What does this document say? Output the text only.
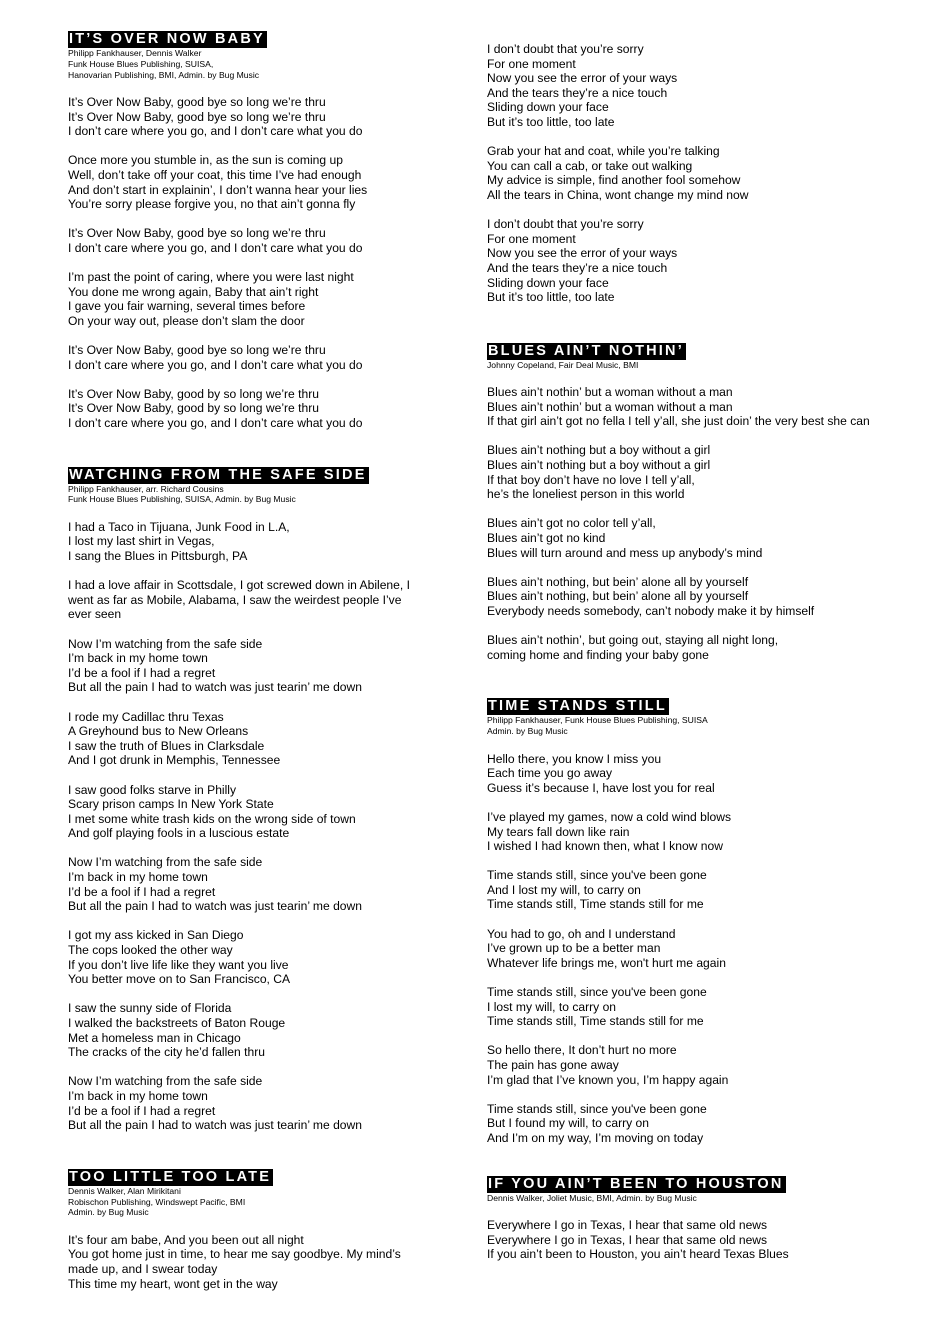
IT’S OVER NOW BABY
Philipp Fankhauser, Dennis Walker
Funk House Blues Publishing, SUISA,
Hanovarian Publishing, BMI, Admin. by Bug Music
It’s Over Now Baby, good bye so long we’re thru
It’s Over Now Baby, good bye so long we’re thru
I don’t care where you go, and I don’t care what you do
Once more you stumble in, as the sun is coming up
Well, don’t take off your coat, this time I’ve had enough
And don’t start in explainin’, I don’t wanna hear your lies
You’re sorry please forgive you, no that ain’t gonna fly
It’s Over Now Baby, good bye so long we’re thru
I don’t care where you go, and I don’t care what you do
I’m past the point of caring, where you were last night
You done me wrong again, Baby that ain’t right
I gave you fair warning, several times before
On your way out, please don’t slam the door
It’s Over Now Baby, good bye so long we’re thru
I don’t care where you go, and I don’t care what you do
It’s Over Now Baby, good by so long we’re thru
It’s Over Now Baby, good by so long we’re thru
I don’t care where you go, and I don’t care what you do
WATCHING FROM THE SAFE SIDE
Philipp Fankhauser, arr. Richard Cousins
Funk House Blues Publishing, SUISA, Admin. by Bug Music
I had a Taco in Tijuana, Junk Food in L.A,
I lost my last shirt in Vegas,
I sang the Blues in Pittsburgh, PA
I had a love affair in Scottsdale, I got screwed down in Abilene, I
went as far as Mobile, Alabama, I saw the weirdest people I’ve
ever seen
Now I’m watching from the safe side
I’m back in my home town
I’d be a fool if I had a regret
But all the pain I had to watch was just tearin’ me down
I rode my Cadillac thru Texas
A Greyhound bus to New Orleans
I saw the truth of Blues in Clarksdale
And I got drunk in Memphis, Tennessee
I saw good folks starve in Philly
Scary prison camps In New York State
I met some white trash kids on the wrong side of town
And golf playing fools in a luscious estate
Now I’m watching from the safe side
I’m back in my home town
I’d be a fool if I had a regret
But all the pain I had to watch was just tearin’ me down
I got my ass kicked in San Diego
The cops looked the other way
If you don’t live life like they want you live
You better move on to San Francisco, CA
I saw the sunny side of Florida
I walked the backstreets of Baton Rouge
Met a homeless man in Chicago
The cracks of the city he’d fallen thru
Now I’m watching from the safe side
I’m back in my home town
I’d be a fool if I had a regret
But all the pain I had to watch was just tearin’ me down
TOO LITTLE TOO LATE
Dennis Walker, Alan Mirikitani
Robischon Publishing, Windswept Pacific, BMI
Admin. by Bug Music
It’s four am babe, And you been out all night
You got home just in time, to hear me say goodbye. My mind’s
made up, and I swear today
This time my heart, wont get in the way
I don’t doubt that you’re sorry
For one moment
Now you see the error of your ways
And the tears they’re a nice touch
Sliding down your face
But it’s too little, too late
Grab your hat and coat, while you’re talking
You can call a cab, or take out walking
My advice is simple, find another fool somehow
All the tears in China, wont change my mind now
I don’t doubt that you’re sorry
For one moment
Now you see the error of your ways
And the tears they’re a nice touch
Sliding down your face
But it’s too little, too late
BLUES AIN’T NOTHIN’
Johnny Copeland, Fair Deal Music, BMI
Blues ain’t nothin’ but a woman without a man
Blues ain’t nothin’ but a woman without a man
If that girl ain’t got no fella I tell y’all, she just doin’ the very best she can
Blues ain’t nothing but a boy without a girl
Blues ain’t nothing but a boy without a girl
If that boy don’t have no love I tell y’all,
he’s the loneliest person in this world
Blues ain’t got no color tell y’all,
Blues ain’t got no kind
Blues will turn around and mess up anybody’s mind
Blues ain’t nothing, but bein’ alone all by yourself
Blues ain’t nothing, but bein’ alone all by yourself
Everybody needs somebody, can’t nobody make it by himself
Blues ain’t nothin’, but going out, staying all night long,
coming home and finding your baby gone
TIME STANDS STILL
Philipp Fankhauser, Funk House Blues Publishing, SUISA
Admin. by Bug Music
Hello there, you know I miss you
Each time you go away
Guess it’s because I, have lost you for real
I’ve played my games, now a cold wind blows
My tears fall down like rain
I wished I had known then, what I know now
Time stands still, since you've been gone
And I lost my will, to carry on
Time stands still, Time stands still for me
You had to go, oh and I understand
I’ve grown up to be a better man
Whatever life brings me, won't hurt me again
Time stands still, since you've been gone
I lost my will, to carry on
Time stands still, Time stands still for me
So hello there, It don’t hurt no more
The pain has gone away
I’m glad that I’ve known you, I’m happy again
Time stands still, since you've been gone
But I found my will, to carry on
And I’m on my way, I’m moving on today
IF YOU AIN’T BEEN TO HOUSTON
Dennis Walker, Joliet Music, BMI, Admin. by Bug Music
Everywhere I go in Texas, I hear that same old news
Everywhere I go in Texas, I hear that same old news
If you ain’t been to Houston, you ain’t heard Texas Blues
